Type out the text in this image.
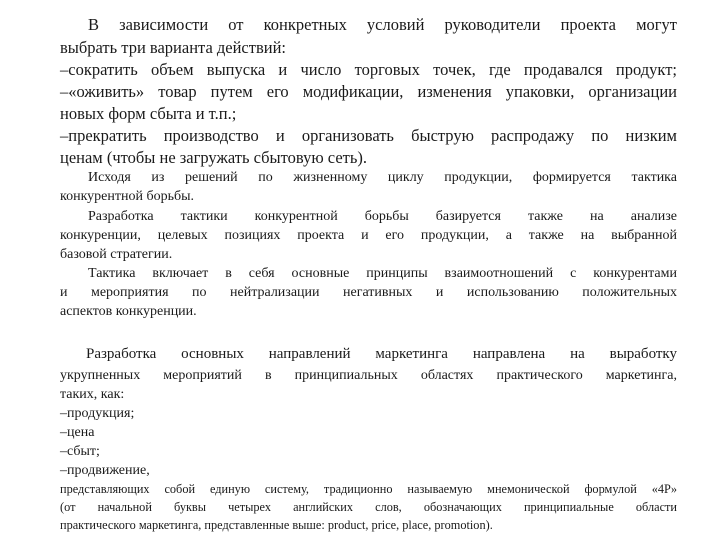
В зависимости от конкретных условий руководители проекта могут
выбрать три варианта действий:
–сократить объем выпуска и число торговых точек, где продавался продукт;
–«оживить» товар путем его модификации, изменения упаковки, организации
новых форм сбыта и т.п.;
–прекратить производство и организовать быструю распродажу по низким
ценам (чтобы не загружать сбытовую сеть).
Исходя из решений по жизненному циклу продукции, формируется тактика
конкурентной борьбы.
Разработка тактики конкурентной борьбы базируется также на анализе
конкуренции, целевых позициях проекта и его продукции, а также на выбранной
базовой стратегии.
Тактика включает в себя основные принципы взаимоотношений с конкурентами
и мероприятия по нейтрализации негативных и использованию положительных
аспектов конкуренции.
Разработка основных направлений маркетинга направлена на выработку
укрупненных мероприятий в принципиальных областях практического маркетинга,
таких, как:
–продукция;
–цена
–сбыт;
–продвижение,
представляющих собой единую систему, традиционно называемую мнемонической формулой «4P»
(от начальной буквы четырех английских слов, обозначающих принципиальные области
практического маркетинга, представленные выше: product, price, place, promotion).
